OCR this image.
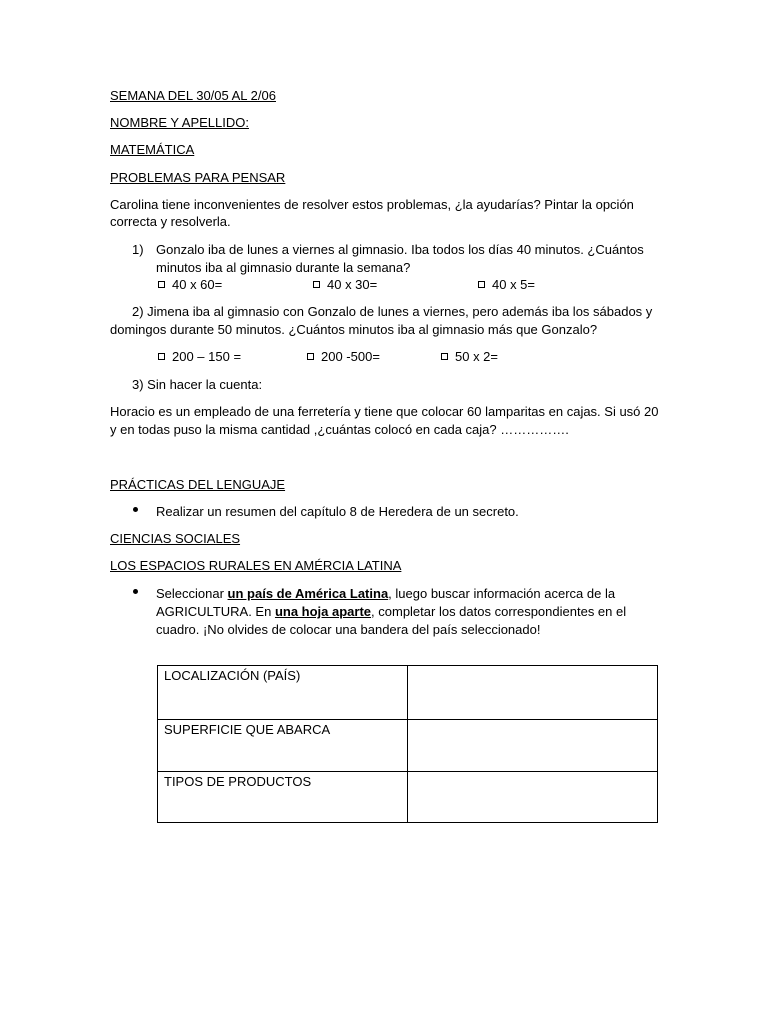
SEMANA DEL 30/05 AL 2/06
NOMBRE Y APELLIDO:
MATEMÁTICA
PROBLEMAS PARA PENSAR
Carolina tiene inconvenientes de resolver estos problemas, ¿la ayudarías? Pintar la opción correcta y resolverla.
1) Gonzalo iba de lunes a viernes al gimnasio. Iba todos los días 40 minutos. ¿Cuántos
minutos iba al gimnasio durante la semana?
40 x 60=	40 x 30=	40 x 5=
2) Jimena iba al gimnasio con Gonzalo de lunes a viernes, pero además iba los sábados y
domingos durante 50 minutos. ¿Cuántos minutos iba al gimnasio más que Gonzalo?
200 – 150 =	200 -500=	50 x 2=
3) Sin hacer la cuenta:
Horacio es un empleado de una ferretería y tiene que colocar 60 lamparitas en cajas. Si usó 20
y en todas puso la misma cantidad ,¿cuántas colocó en cada caja? …………….
PRÁCTICAS DEL LENGUAJE
Realizar un resumen del capítulo 8 de Heredera de un secreto.
CIENCIAS SOCIALES
LOS ESPACIOS RURALES EN AMÉRCIA LATINA
Seleccionar un país de América Latina, luego buscar información acerca de la
AGRICULTURA. En una hoja aparte, completar los datos correspondientes en el
cuadro. ¡No olvides de colocar una bandera del país seleccionado!
LOCALIZACIÓN (PAÍS)	
SUPERFICIE QUE ABARCA	
TIPOS DE PRODUCTOS	
